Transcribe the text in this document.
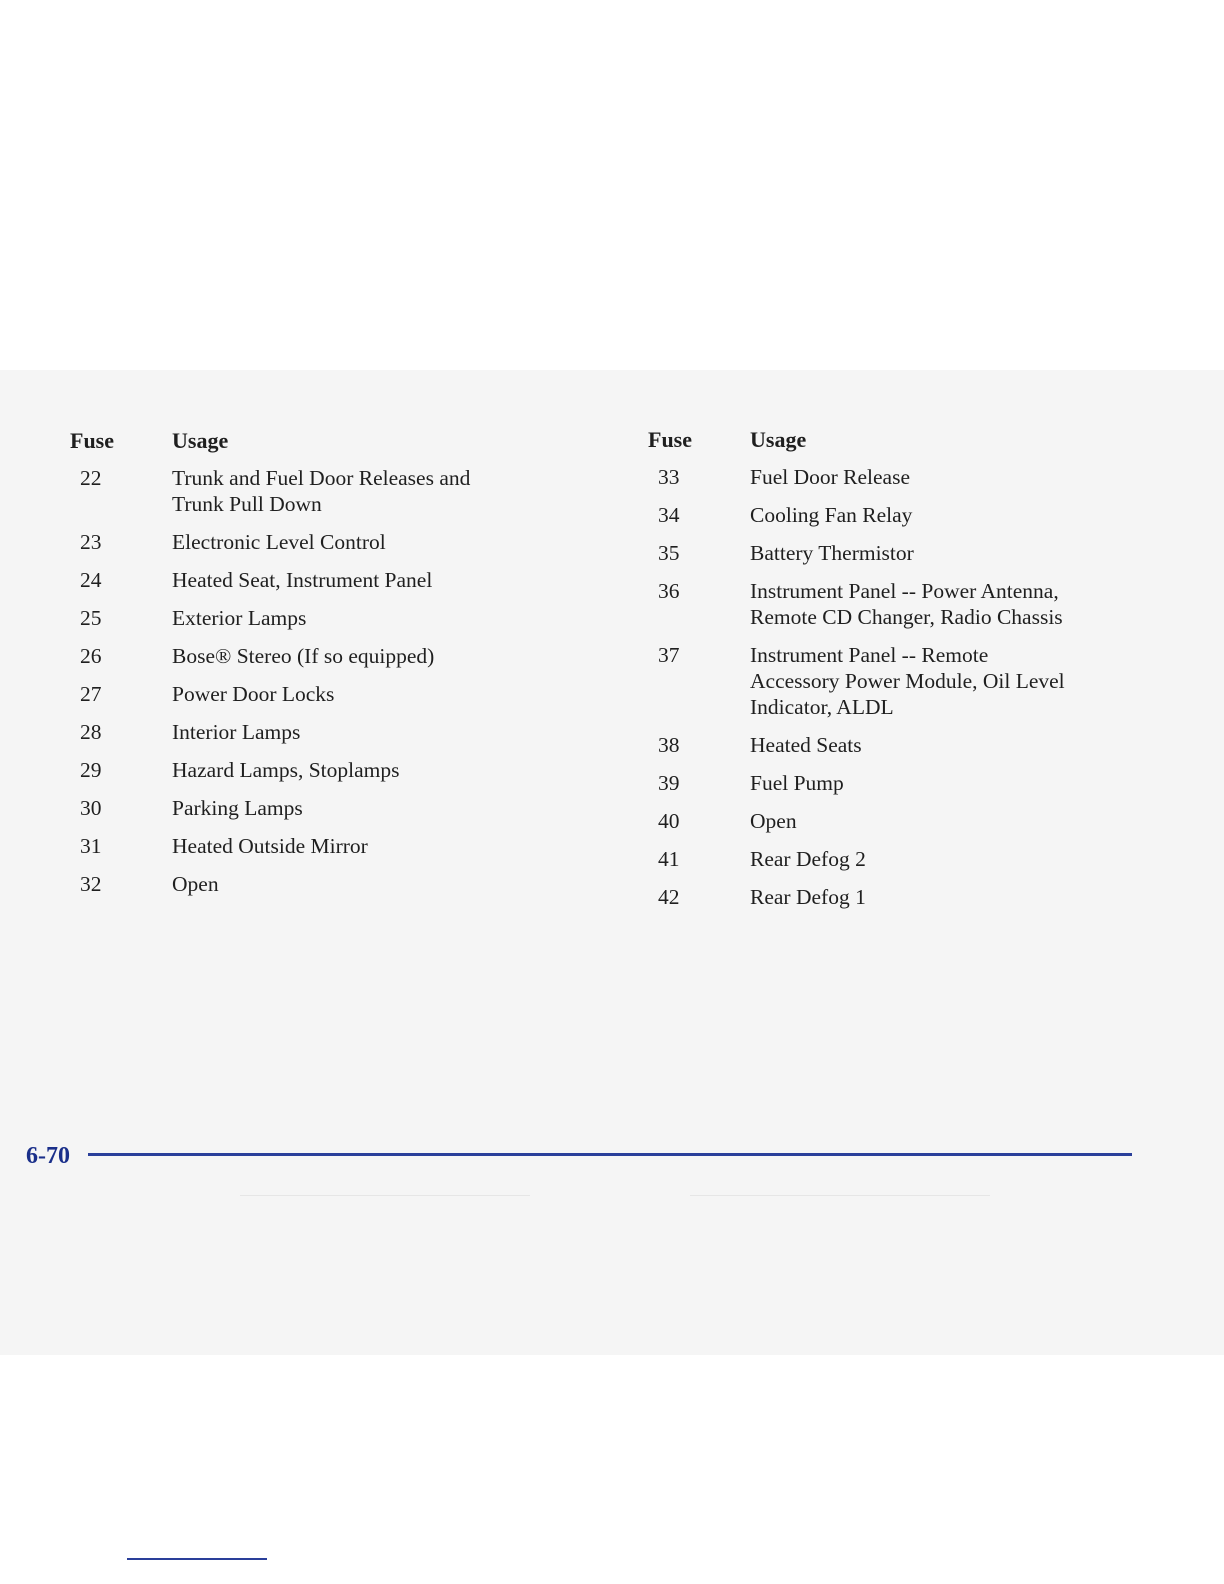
Fuse	Usage
22	Trunk and Fuel Door Releases and
Trunk Pull Down
23	Electronic Level Control
24	Heated Seat, Instrument Panel
25	Exterior Lamps
26	Bose® Stereo (If so equipped)
27	Power Door Locks
28	Interior Lamps
29	Hazard Lamps, Stoplamps
30	Parking Lamps
31	Heated Outside Mirror
32	Open
Fuse	Usage
33	Fuel Door Release
34	Cooling Fan Relay
35	Battery Thermistor
36	Instrument Panel -- Power Antenna,
Remote CD Changer, Radio Chassis
37	Instrument Panel -- Remote
Accessory Power Module, Oil Level
Indicator, ALDL
38	Heated Seats
39	Fuel Pump
40	Open
41	Rear Defog 2
42	Rear Defog 1
6-70
